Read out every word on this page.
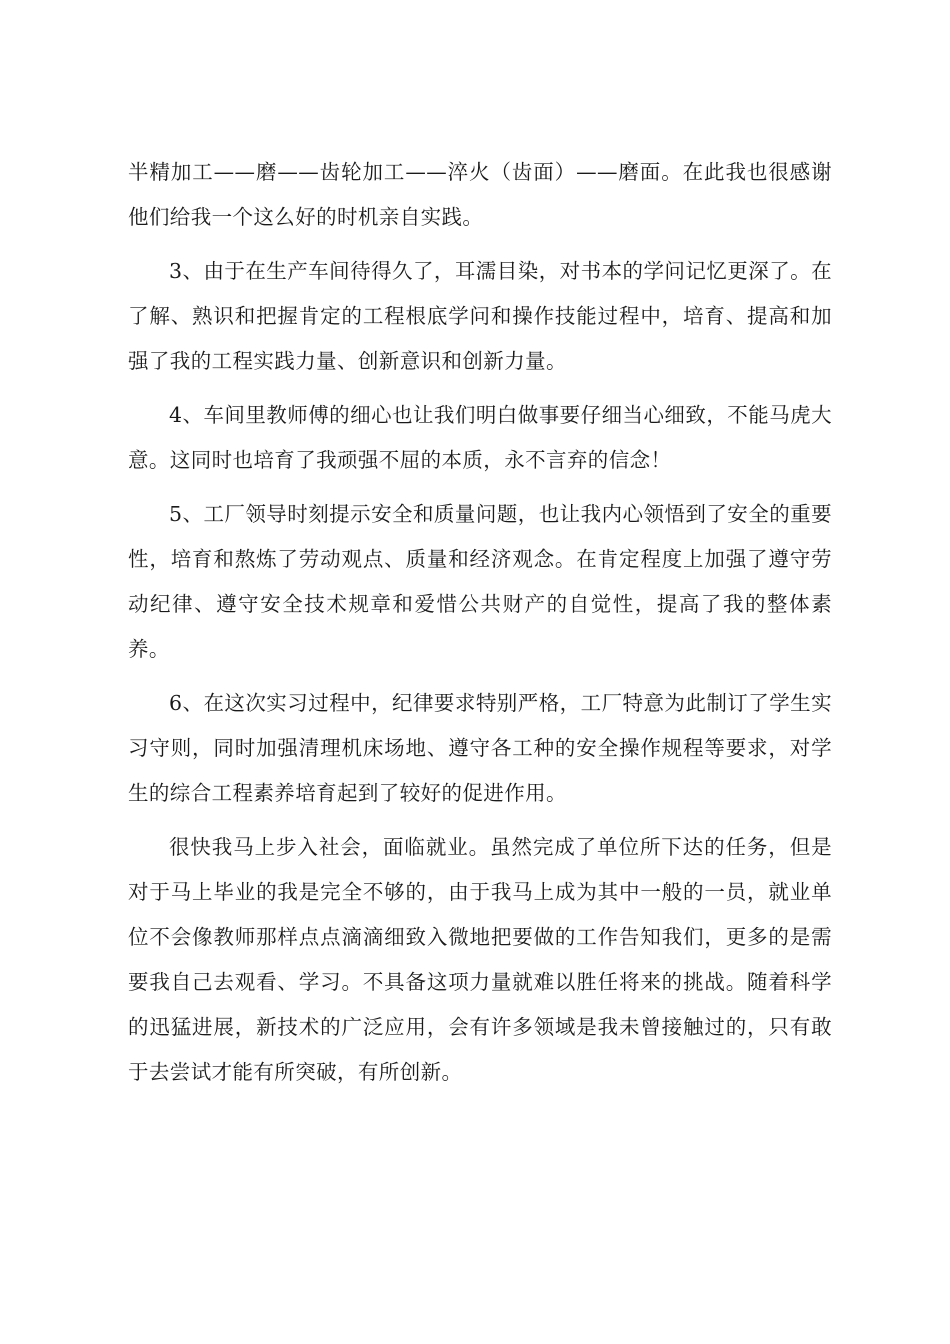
半精加工——磨——齿轮加工——淬火（齿面）——磨面。在此我也很感谢他们给我一个这么好的时机亲自实践。

3、由于在生产车间待得久了，耳濡目染，对书本的学问记忆更深了。在了解、熟识和把握肯定的工程根底学问和操作技能过程中，培育、提高和加强了我的工程实践力量、创新意识和创新力量。

4、车间里教师傅的细心也让我们明白做事要仔细当心细致，不能马虎大意。这同时也培育了我顽强不屈的本质，永不言弃的信念！

5、工厂领导时刻提示安全和质量问题，也让我内心领悟到了安全的重要性，培育和熬炼了劳动观点、质量和经济观念。在肯定程度上加强了遵守劳动纪律、遵守安全技术规章和爱惜公共财产的自觉性，提高了我的整体素养。

6、在这次实习过程中，纪律要求特别严格，工厂特意为此制订了学生实习守则，同时加强清理机床场地、遵守各工种的安全操作规程等要求，对学生的综合工程素养培育起到了较好的促进作用。

很快我马上步入社会，面临就业。虽然完成了单位所下达的任务，但是对于马上毕业的我是完全不够的，由于我马上成为其中一般的一员，就业单位不会像教师那样点点滴滴细致入微地把要做的工作告知我们，更多的是需要我自己去观看、学习。不具备这项力量就难以胜任将来的挑战。随着科学的迅猛进展，新技术的广泛应用，会有许多领域是我未曾接触过的，只有敢于去尝试才能有所突破，有所创新。
